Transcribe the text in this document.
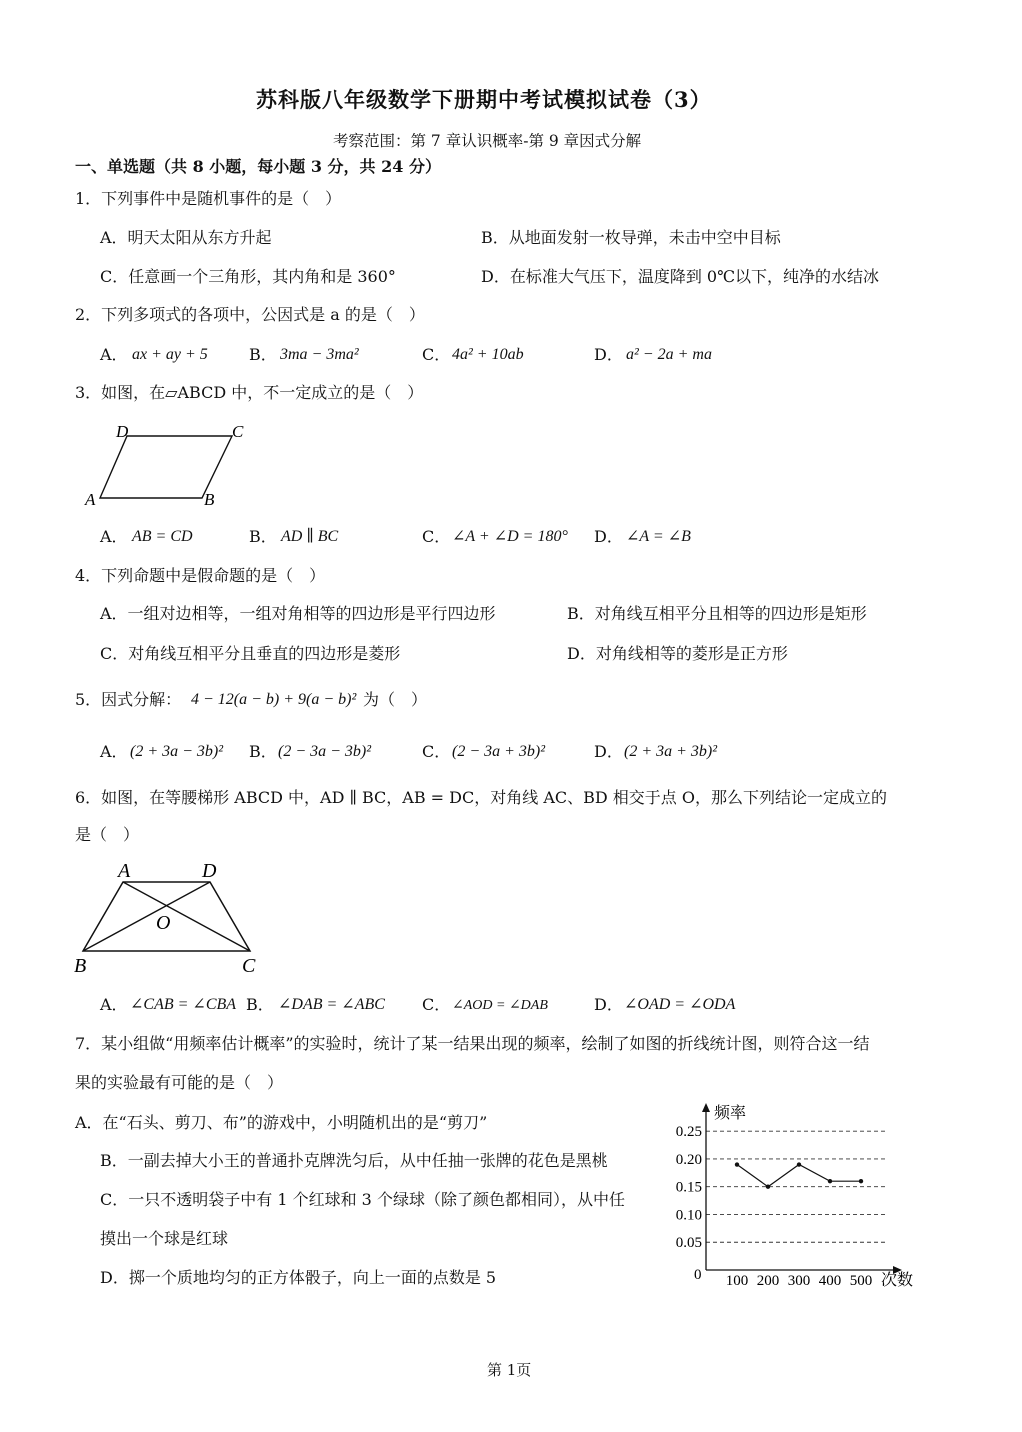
苏科版八年级数学下册期中考试模拟试卷（3）
考察范围：第 7 章认识概率-第 9 章因式分解
一、单选题（共 8 小题，每小题 3 分，共 24 分）
1．下列事件中是随机事件的是（　）
A．明天太阳从东方升起	B．从地面发射一枚导弹，未击中空中目标
C．任意画一个三角形，其内角和是 360°	D．在标准大气压下，温度降到 0℃以下，纯净的水结冰
2．下列多项式的各项中，公因式是 a 的是（　）
A． ax + ay + 5	B． 3ma − 3ma²	C． 4a² + 10ab	D． a² − 2a + ma
3．如图，在▱ABCD 中，不一定成立的是（　）
D	C
A	B
A． AB = CD	B． AD ∥ BC	C． ∠A + ∠D = 180° D． ∠A = ∠B
4．下列命题中是假命题的是（　）
A．一组对边相等，一组对角相等的四边形是平行四边形	B．对角线互相平分且相等的四边形是矩形
C．对角线互相平分且垂直的四边形是菱形	D．对角线相等的菱形是正方形
5．因式分解： 4 − 12(a − b) + 9(a − b)² 为（　）
A． (2 + 3a − 3b)² B． (2 − 3a − 3b)²	C． (2 − 3a + 3b)²	D． (2 + 3a + 3b)²
6．如图，在等腰梯形 ABCD 中，AD ∥ BC，AB = DC，对角线 AC、BD 相交于点 O，那么下列结论一定成立的
是（　）
A	D
O
B	C
A． ∠CAB = ∠CBA B． ∠DAB = ∠ABC C． ∠AOD = ∠DAB	D． ∠OAD = ∠ODA
7．某小组做“用频率估计概率”的实验时，统计了某一结果出现的频率，绘制了如图的折线统计图，则符合这一结
果的实验最有可能的是（　）
A．在“石头、剪刀、布”的游戏中，小明随机出的是“剪刀”
B．一副去掉大小王的普通扑克牌洗匀后，从中任抽一张牌的花色是黑桃
C．一只不透明袋子中有 1 个红球和 3 个绿球（除了颜色都相同），从中任
摸出一个球是红球
D．掷一个质地均匀的正方体骰子，向上一面的点数是 5
频率
次数
0
0.05
0.10
0.15
0.20
0.25
100 200 300 400 500
第 1页
